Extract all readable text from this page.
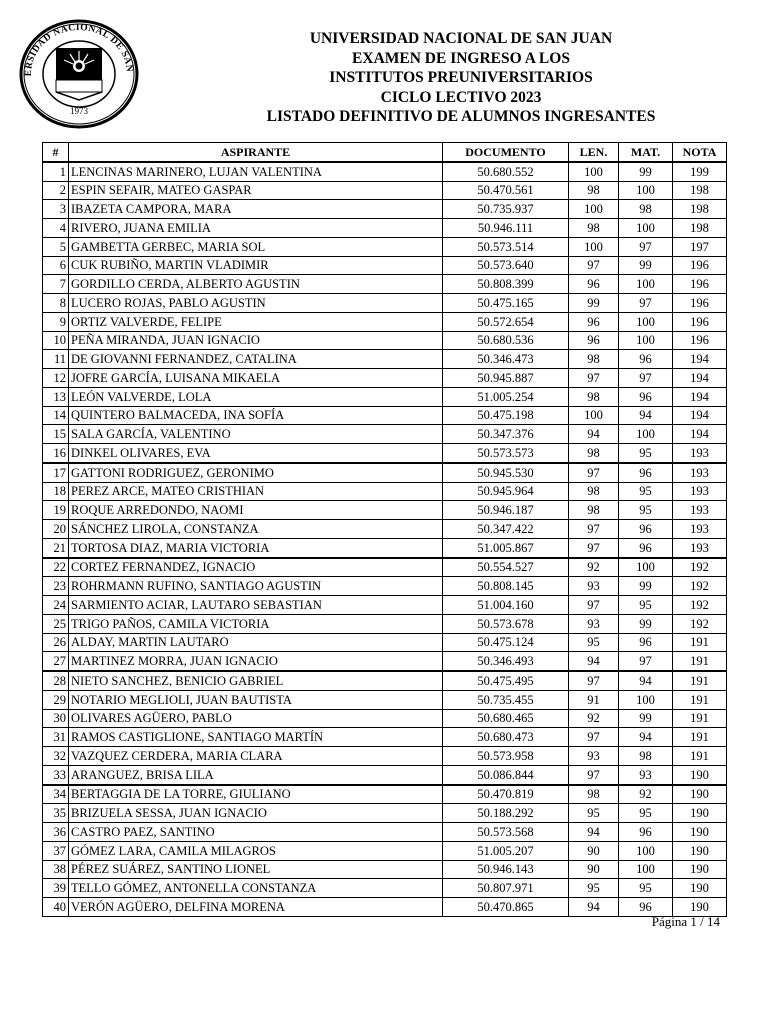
ERSIDAD NACIONAL DE SAN
1973
UNIVERSIDAD NACIONAL DE SAN JUAN
EXAMEN DE INGRESO A LOS
INSTITUTOS PREUNIVERSITARIOS
CICLO LECTIVO 2023
LISTADO DEFINITIVO DE ALUMNOS INGRESANTES
#	ASPIRANTE	DOCUMENTO	LEN.	MAT.	NOTA
1	LENCINAS MARINERO, LUJAN VALENTINA	50.680.552	100	99	199
2	ESPIN SEFAIR, MATEO GASPAR	50.470.561	98	100	198
3	IBAZETA CAMPORA, MARA	50.735.937	100	98	198
4	RIVERO, JUANA EMILIA	50.946.111	98	100	198
5	GAMBETTA GERBEC, MARIA SOL	50.573.514	100	97	197
6	CUK RUBIÑO, MARTIN VLADIMIR	50.573.640	97	99	196
7	GORDILLO CERDA, ALBERTO AGUSTIN	50.808.399	96	100	196
8	LUCERO ROJAS, PABLO AGUSTIN	50.475.165	99	97	196
9	ORTIZ VALVERDE, FELIPE	50.572.654	96	100	196
10	PEÑA MIRANDA, JUAN IGNACIO	50.680.536	96	100	196
11	DE GIOVANNI FERNANDEZ, CATALINA	50.346.473	98	96	194
12	JOFRE GARCÍA, LUISANA MIKAELA	50.945.887	97	97	194
13	LEÓN VALVERDE, LOLA	51.005.254	98	96	194
14	QUINTERO BALMACEDA, INA SOFÍA	50.475.198	100	94	194
15	SALA GARCÍA, VALENTINO	50.347.376	94	100	194
16	DINKEL OLIVARES, EVA	50.573.573	98	95	193
17	GATTONI RODRIGUEZ, GERONIMO	50.945.530	97	96	193
18	PEREZ ARCE, MATEO CRISTHIAN	50.945.964	98	95	193
19	ROQUE ARREDONDO, NAOMI	50.946.187	98	95	193
20	SÁNCHEZ LIROLA, CONSTANZA	50.347.422	97	96	193
21	TORTOSA DIAZ, MARIA VICTORIA	51.005.867	97	96	193
22	CORTEZ FERNANDEZ, IGNACIO	50.554.527	92	100	192
23	ROHRMANN RUFINO, SANTIAGO AGUSTIN	50.808.145	93	99	192
24	SARMIENTO ACIAR, LAUTARO SEBASTIAN	51.004.160	97	95	192
25	TRIGO PAÑOS, CAMILA VICTORIA	50.573.678	93	99	192
26	ALDAY, MARTIN LAUTARO	50.475.124	95	96	191
27	MARTINEZ MORRA, JUAN IGNACIO	50.346.493	94	97	191
28	NIETO SANCHEZ, BENICIO GABRIEL	50.475.495	97	94	191
29	NOTARIO MEGLIOLI, JUAN BAUTISTA	50.735.455	91	100	191
30	OLIVARES AGÜERO, PABLO	50.680.465	92	99	191
31	RAMOS CASTIGLIONE, SANTIAGO MARTÍN	50.680.473	97	94	191
32	VAZQUEZ CERDERA, MARIA CLARA	50.573.958	93	98	191
33	ARANGUEZ, BRISA LILA	50.086.844	97	93	190
34	BERTAGGIA DE LA TORRE, GIULIANO	50.470.819	98	92	190
35	BRIZUELA SESSA, JUAN IGNACIO	50.188.292	95	95	190
36	CASTRO PAEZ, SANTINO	50.573.568	94	96	190
37	GÓMEZ LARA, CAMILA MILAGROS	51.005.207	90	100	190
38	PÉREZ SUÁREZ, SANTINO LIONEL	50.946.143	90	100	190
39	TELLO GÓMEZ, ANTONELLA CONSTANZA	50.807.971	95	95	190
40	VERÓN AGÜERO, DELFINA MORENA	50.470.865	94	96	190
Página 1 / 14
